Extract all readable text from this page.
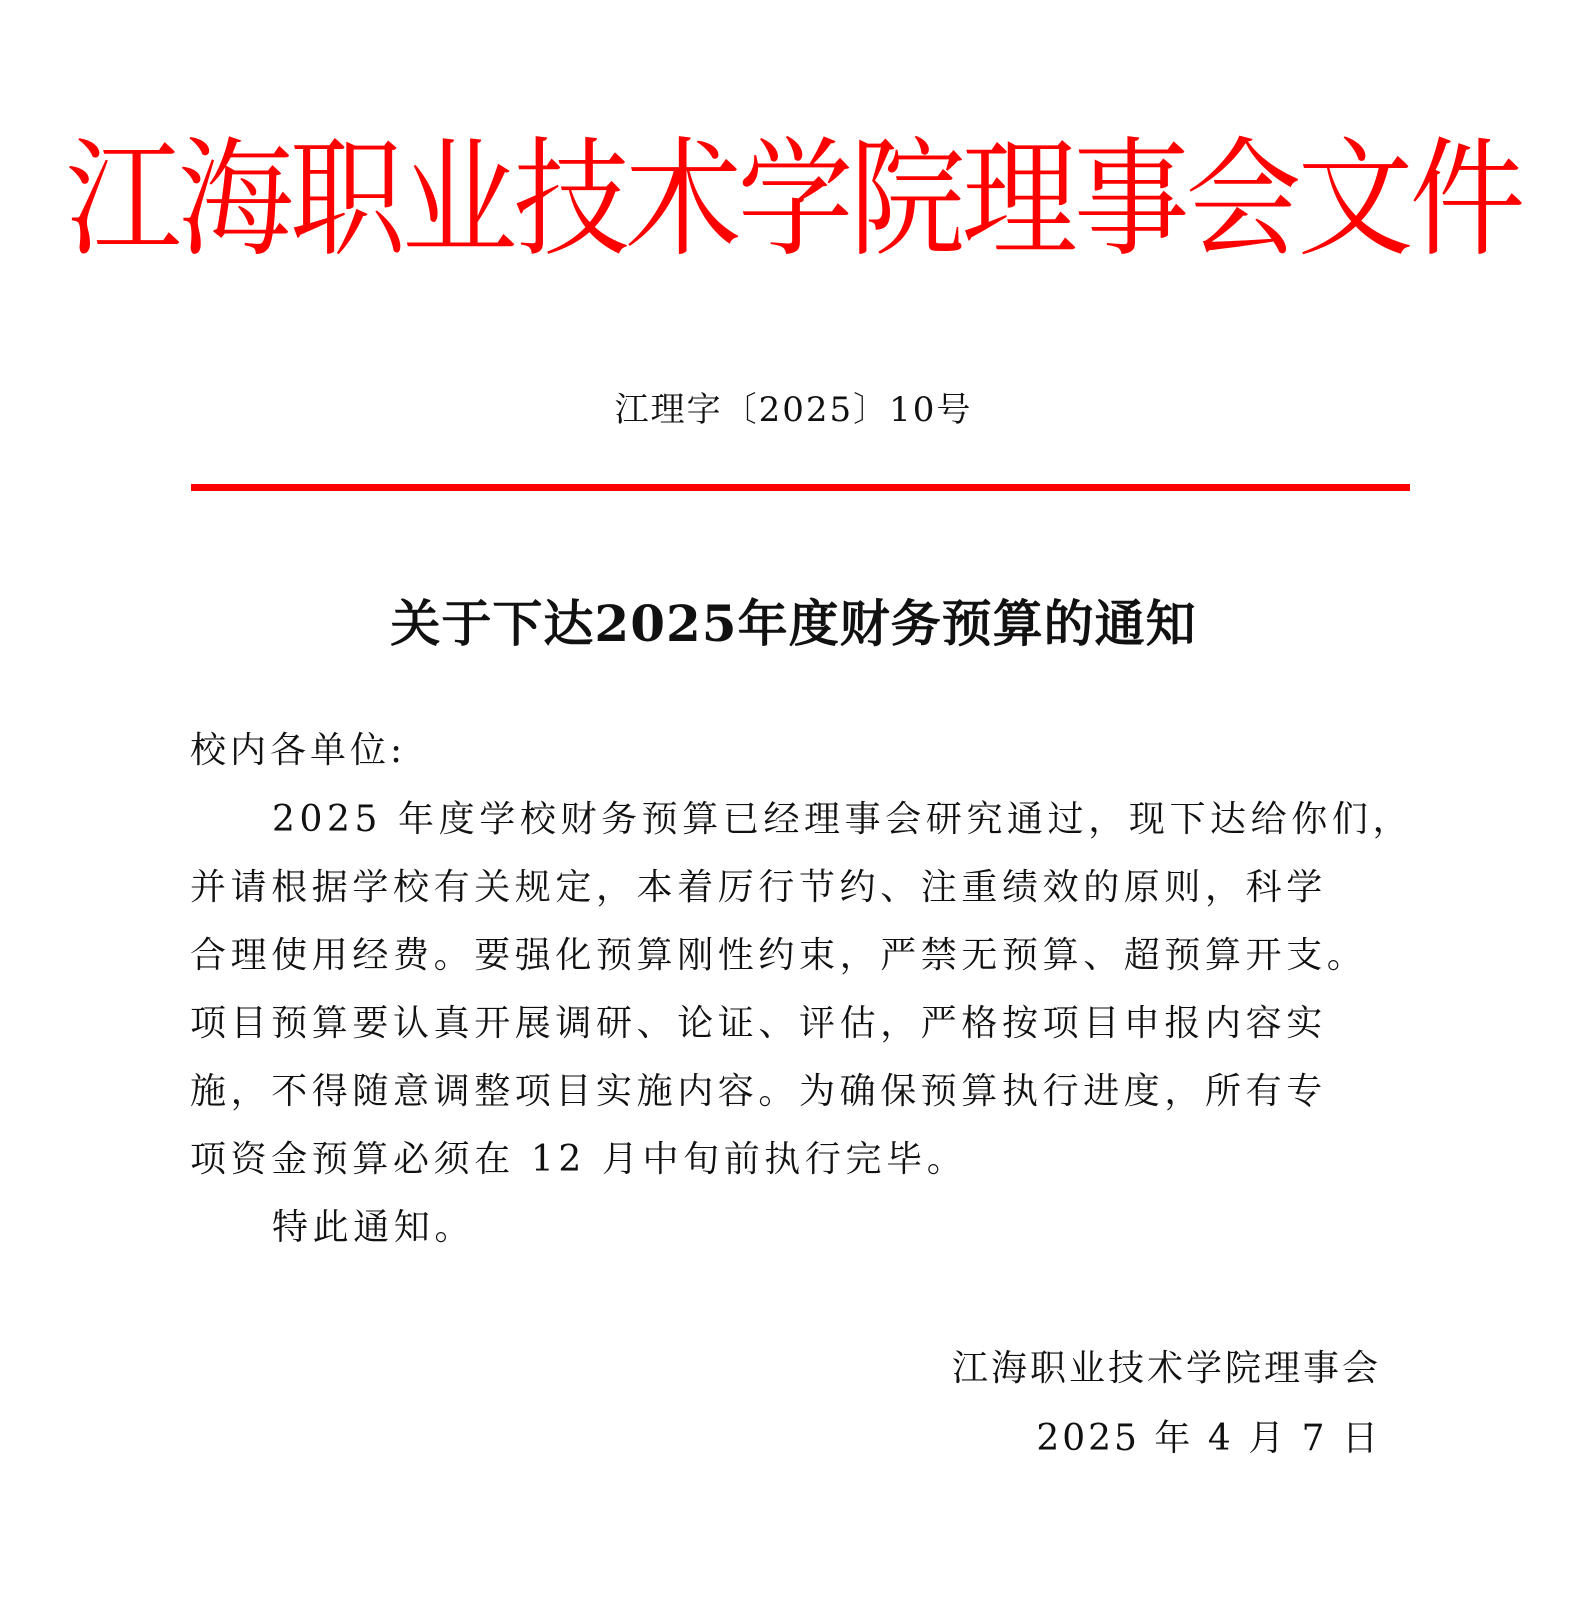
江海职业技术学院理事会文件
江理字〔2025〕10号
关于下达2025年度财务预算的通知
校内各单位:
2025 年度学校财务预算已经理事会研究通过，现下达给你们，
并请根据学校有关规定，本着厉行节约、注重绩效的原则，科学
合理使用经费。要强化预算刚性约束，严禁无预算、超预算开支。
项目预算要认真开展调研、论证、评估，严格按项目申报内容实
施，不得随意调整项目实施内容。为确保预算执行进度，所有专
项资金预算必须在 12 月中旬前执行完毕。
特此通知。
江海职业技术学院理事会
2025 年 4 月 7 日
